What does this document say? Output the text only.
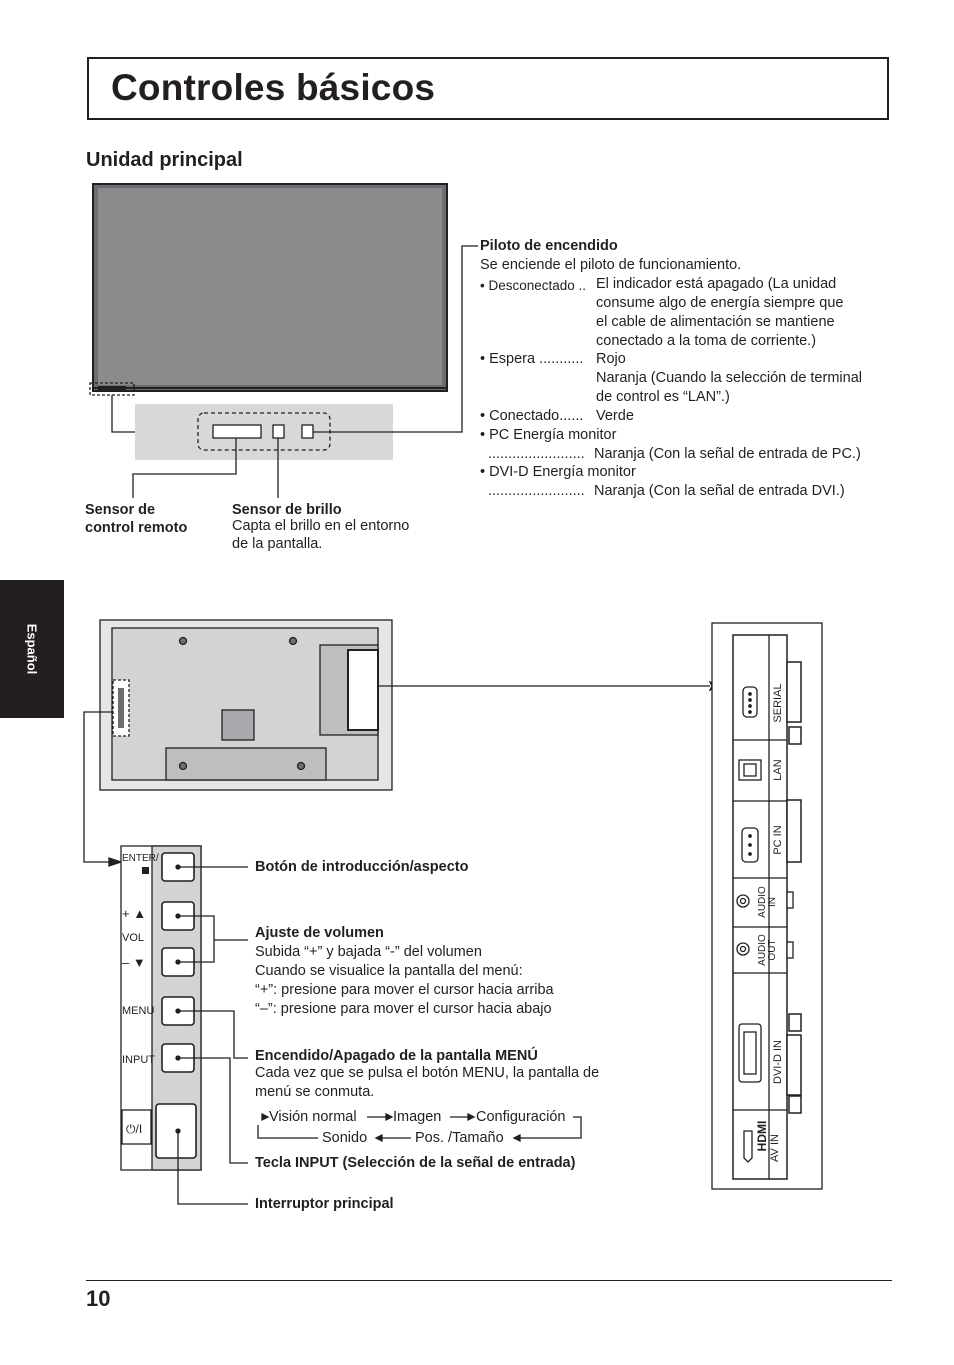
Controles básicos
Unidad principal
Español
ENTER/
+ ▲
VOL
– ▼
MENU
INPUT
⏻/I
SERIAL
LAN
PC IN
AUDIO IN
AUDIO OUT
DVI-D IN
AV IN
HDMI
Piloto de encendido
Se enciende el piloto de funcionamiento.
• Desconectado .. El indicador está apagado (La unidad
consume algo de energía siempre que
el cable de alimentación se mantiene
conectado a la toma de corriente.)
• Espera ........... Rojo
Naranja (Cuando la selección de terminal
de control es “LAN”.)
• Conectado...... Verde
• PC Energía monitor
........................ Naranja (Con la señal de entrada de PC.)
• DVI-D Energía monitor
........................ Naranja (Con la señal de entrada DVI.)
Sensor de
control remoto
Sensor de brillo
Capta el brillo en el entorno
de la pantalla.
Botón de introducción/aspecto
Ajuste de volumen
Subida “+” y bajada “-” del volumen
Cuando se visualice la pantalla del menú:
“+”: presione para mover el cursor hacia arriba
“–”: presione para mover el cursor hacia abajo
Encendido/Apagado de la pantalla MENÚ
Cada vez que se pulsa el botón MENU, la pantalla de
menú se conmuta.
Visión normal	Imagen Configuración
Sonido	Pos. /Tamaño
Tecla INPUT (Selección de la señal de entrada)
Interruptor principal
10
